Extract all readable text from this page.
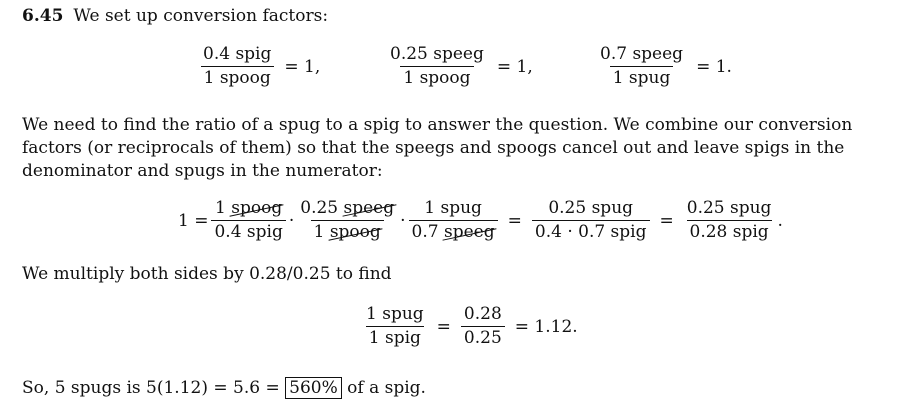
6.45 We set up conversion factors:
$\frac{\text{0.4 spig}}{\text{1 spoog}} = 1$,	$\frac{\text{0.25 speeg}}{\text{1 spoog}} = 1$,	$\frac{\text{0.7 speeg}}{\text{1 spug}} = 1$.
We need to find the ratio of a spug to a spig to answer the question. We combine our conversion factors (or reciprocals of them) so that the speegs and spoogs cancel out and leave spigs in the denominator and spugs in the numerator:
$1 = \frac{\text{1 spoog}}{\text{0.4 spig}} \cdot \frac{\text{0.25 speeg}}{\text{1 spoog}} \cdot \frac{\text{1 spug}}{\text{0.7 speeg}} = \frac{\text{0.25 spug}}{\text{0.4 · 0.7 spig}} = \frac{\text{0.25 spug}}{\text{0.28 spig}}$ .
We multiply both sides by 0.28/0.25 to find
$\frac{\text{1 spug}}{\text{1 spig}} = \frac{0.28}{0.25} = 1.12$.
So, 5 spugs is 5(1.12) = 5.6 = 560% of a spig.
